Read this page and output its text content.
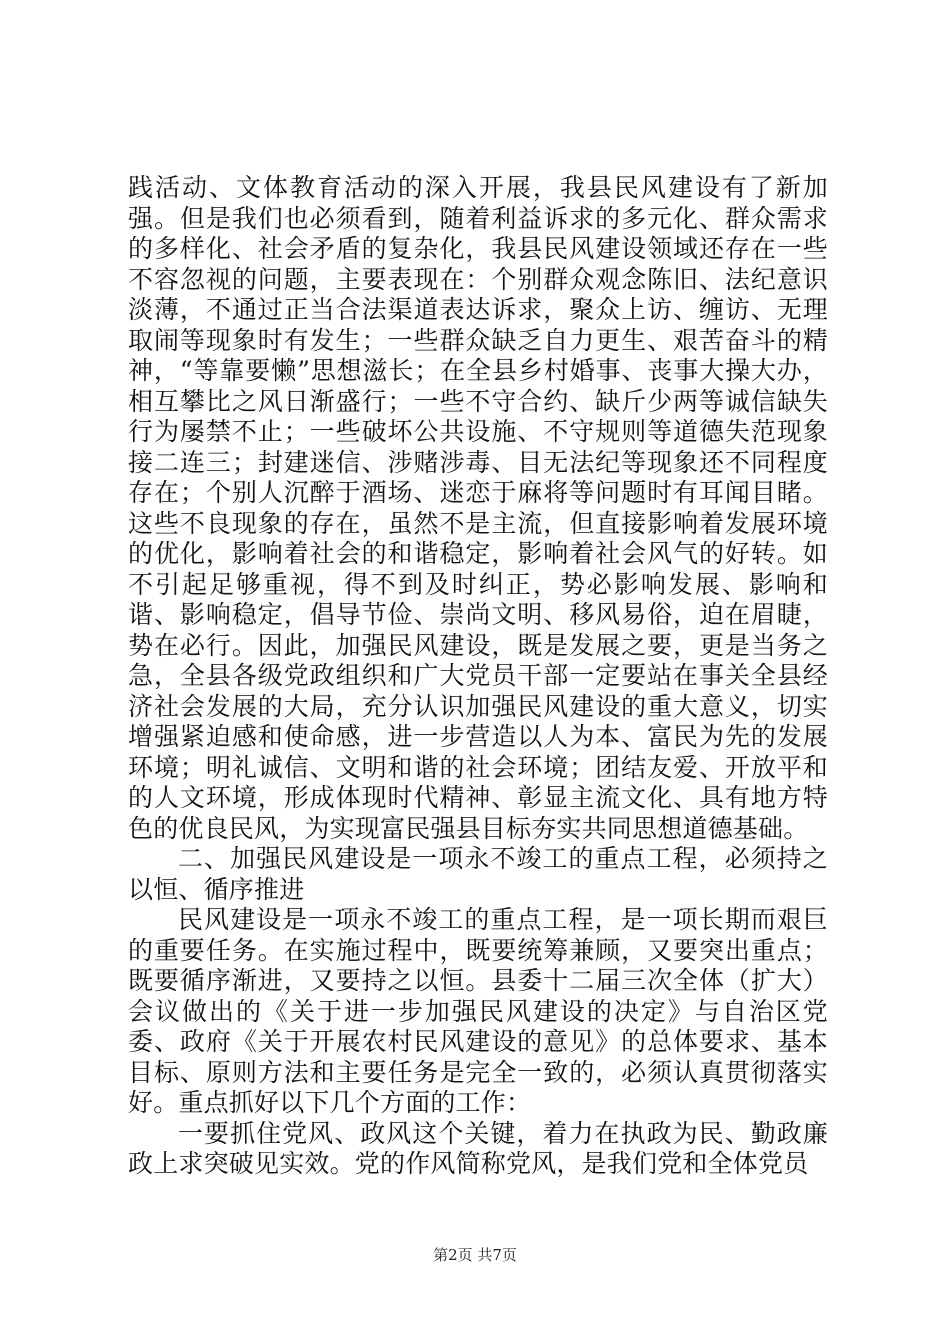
践活动、文体教育活动的深入开展，我县民风建设有了新加强。但是我们也必须看到，随着利益诉求的多元化、群众需求的多样化、社会矛盾的复杂化，我县民风建设领域还存在一些不容忽视的问题，主要表现在：个别群众观念陈旧、法纪意识淡薄，不通过正当合法渠道表达诉求，聚众上访、缠访、无理取闹等现象时有发生；一些群众缺乏自力更生、艰苦奋斗的精神，“等靠要懒”思想滋长；在全县乡村婚事、丧事大操大办，相互攀比之风日渐盛行；一些不守合约、缺斤少两等诚信缺失行为屡禁不止；一些破坏公共设施、不守规则等道德失范现象接二连三；封建迷信、涉赌涉毒、目无法纪等现象还不同程度存在；个别人沉醉于酒场、迷恋于麻将等问题时有耳闻目睹。这些不良现象的存在，虽然不是主流，但直接影响着发展环境的优化，影响着社会的和谐稳定，影响着社会风气的好转。如不引起足够重视，得不到及时纠正，势必影响发展、影响和谐、影响稳定，倡导节俭、崇尚文明、移风易俗，迫在眉睫，势在必行。因此，加强民风建设，既是发展之要，更是当务之急，全县各级党政组织和广大党员干部一定要站在事关全县经济社会发展的大局，充分认识加强民风建设的重大意义，切实增强紧迫感和使命感，进一步营造以人为本、富民为先的发展环境；明礼诚信、文明和谐的社会环境；团结友爱、开放平和的人文环境，形成体现时代精神、彰显主流文化、具有地方特色的优良民风，为实现富民强县目标夯实共同思想道德基础。

二、加强民风建设是一项永不竣工的重点工程，必须持之以恒、循序推进

民风建设是一项永不竣工的重点工程，是一项长期而艰巨的重要任务。在实施过程中，既要统筹兼顾，又要突出重点；既要循序渐进，又要持之以恒。县委十二届三次全体（扩大）会议做出的《关于进一步加强民风建设的决定》与自治区党委、政府《关于开展农村民风建设的意见》的总体要求、基本目标、原则方法和主要任务是完全一致的，必须认真贯彻落实好。重点抓好以下几个方面的工作：

一要抓住党风、政风这个关键，着力在执政为民、勤政廉政上求突破见实效。党的作风简称党风，是我们党和全体党员

第2页 共7页
